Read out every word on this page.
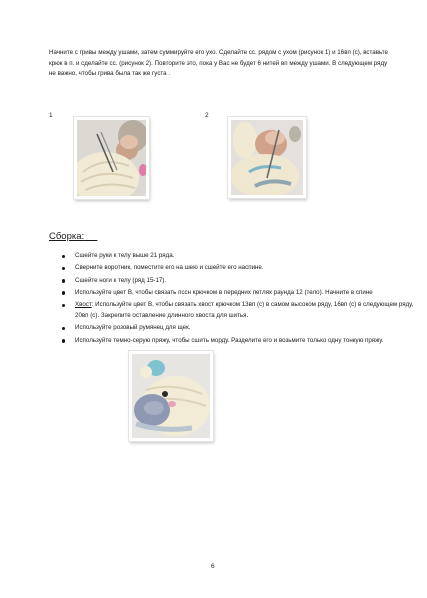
Начните с гривы между ушами, затем суммируйте его ухо. Сделайте сс. рядом с ухом (рисунок 1) и 16вп (с), вставьте крюк в п. и сделайте сс. (рисунок 2). Повторите это, пока у Вас не будет 6 нитей вп между ушами. В следующем ряду не важно, чтобы грива была так же густа .

1	2
Сборка:
Сшейте руки к телу выше 21 ряда.
Сверните воротник, поместите его на шею и сшейте его наспине.
Сшейте ноги к телу (ряд 15-17).
Используйте цвет В, чтобы связать псcн крючком в передних петлях раунда 12 (тело). Начните в спине
Хвост: Используйте цвет В, чтобы связать хвост крючком 13вп (с) в самом высоком ряду, 16вп (с) в следующем ряду, 20вп (с). Закрепите оставление длинного хвоста для шитья.
Используйте розовый румянец для щек.
Используйте темно-серую пряжу, чтобы сшить морду. Разделите его и возьмите только одну тонкую пряжу.
6
